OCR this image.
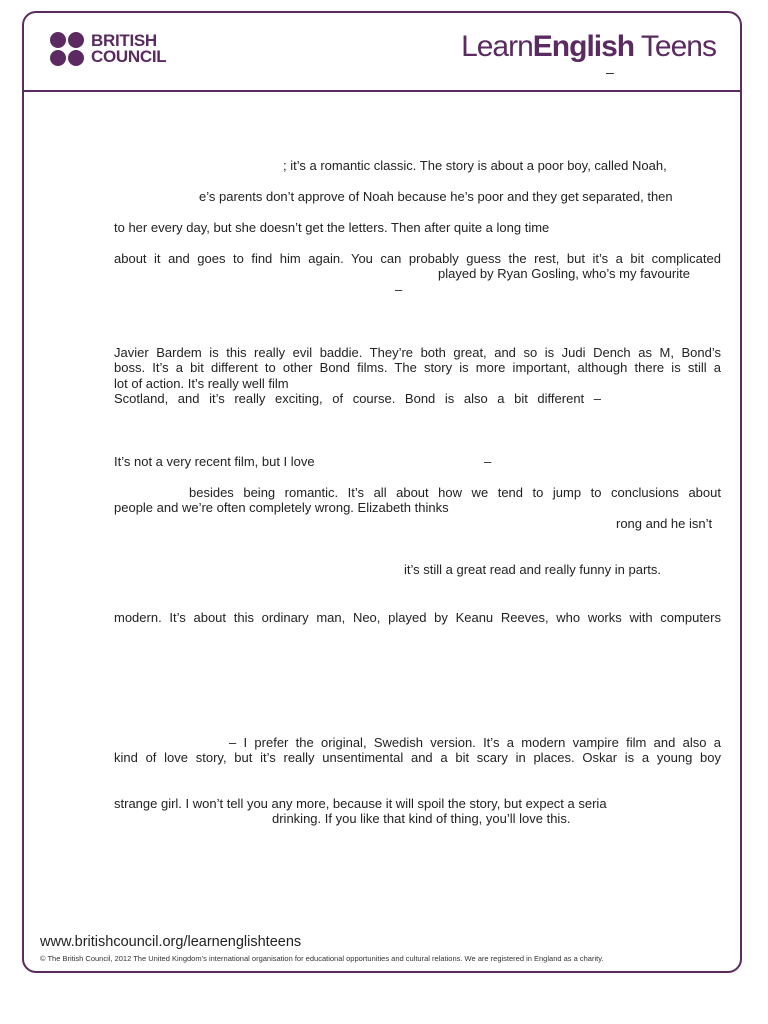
BRITISH
COUNCIL	LearnEnglish Teens
–
; it’s a romantic classic. The story is about a poor boy, called Noah,
e’s parents don’t approve of Noah because he’s poor and they get separated, then
to her every day, but she doesn’t get the letters. Then after quite a long time
about it and goes to find him again. You can probably guess the rest, but it’s a bit complicated
played by Ryan Gosling, who’s my favourite
–
Javier Bardem is this really evil baddie. They’re both great, and so is Judi Dench as M, Bond’s
boss. It’s a bit different to other Bond films. The story is more important, although there is still a
lot of action. It’s really well film
Scotland, and it’s really exciting, of course. Bond is also a bit different –
It’s not a very recent film, but I love	–
besides being romantic. It’s all about how we tend to jump to conclusions about
people and we’re often completely wrong. Elizabeth thinks
rong and he isn’t
it’s still a great read and really funny in parts.
modern. It’s about this ordinary man, Neo, played by Keanu Reeves, who works with computers
– I prefer the original, Swedish version. It’s a modern vampire film and also a
kind of love story, but it’s really unsentimental and a bit scary in places. Oskar is a young boy
strange girl. I won’t tell you any more, because it will spoil the story, but expect a seria
drinking. If you like that kind of thing, you’ll love this.
www.britishcouncil.org/learnenglishteens
© The British Council, 2012 The United Kingdom’s international organisation for educational opportunities and cultural relations. We are registered in England as a charity.
